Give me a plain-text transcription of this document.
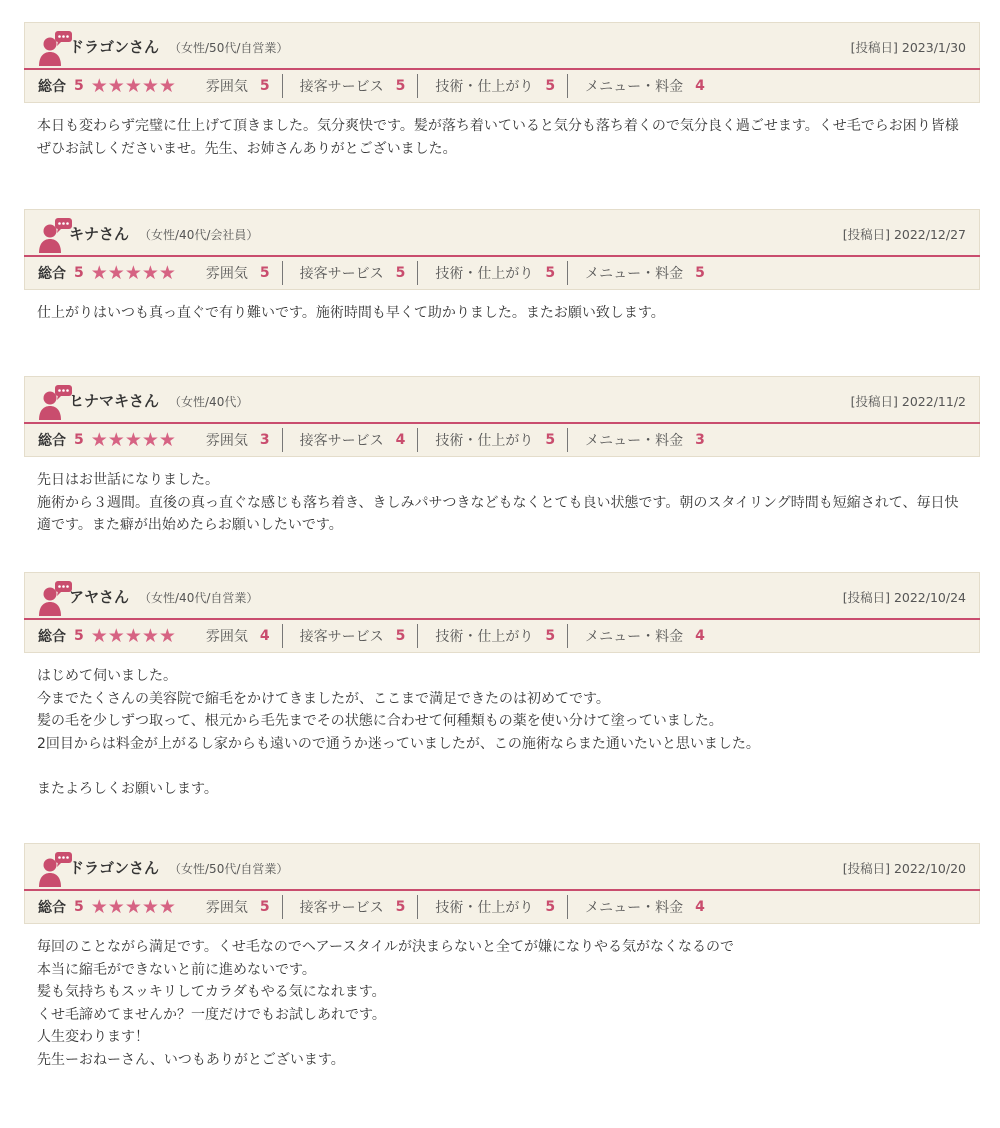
ドラゴンさん （女性/50代/自営業）	[投稿日] 2023/1/30
総合 5 ★★★★★ 雰囲気 5 接客サービス 5 技術・仕上がり 5 メニュー・料金 4
本日も変わらず完璧に仕上げて頂きました。気分爽快です。髪が落ち着いていると気分も落ち着くので気分良く過ごせます。くせ毛でらお困り皆様ぜひお試しくださいませ。先生、お姉さんありがとございました。
キナさん （女性/40代/会社員）	[投稿日] 2022/12/27
総合 5 ★★★★★ 雰囲気 5 接客サービス 5 技術・仕上がり 5 メニュー・料金 5
仕上がりはいつも真っ直ぐで有り難いです。施術時間も早くて助かりました。またお願い致します。
ヒナマキさん （女性/40代）	[投稿日] 2022/11/2
総合 5 ★★★★★ 雰囲気 3 接客サービス 4 技術・仕上がり 5 メニュー・料金 3
先日はお世話になりました。
施術から３週間。直後の真っ直ぐな感じも落ち着き、きしみパサつきなどもなくとても良い状態です。朝のスタイリング時間も短縮されて、毎日快適です。また癖が出始めたらお願いしたいです。
アヤさん （女性/40代/自営業）	[投稿日] 2022/10/24
総合 5 ★★★★★ 雰囲気 4 接客サービス 5 技術・仕上がり 5 メニュー・料金 4
はじめて伺いました。
今までたくさんの美容院で縮毛をかけてきましたが、ここまで満足できたのは初めてです。
髪の毛を少しずつ取って、根元から毛先までその状態に合わせて何種類もの薬を使い分けて塗っていました。
2回目からは料金が上がるし家からも遠いので通うか迷っていましたが、この施術ならまた通いたいと思いました。

またよろしくお願いします。
ドラゴンさん （女性/50代/自営業）	[投稿日] 2022/10/20
総合 5 ★★★★★ 雰囲気 5 接客サービス 5 技術・仕上がり 5 メニュー・料金 4
毎回のことながら満足です。くせ毛なのでヘアースタイルが決まらないと全てが嫌になりやる気がなくなるので
本当に縮毛ができないと前に進めないです。
髪も気持ちもスッキリしてカラダもやる気になれます。
くせ毛諦めてませんか？一度だけでもお試しあれです。
人生変わります！
先生ーおねーさん、いつもありがとございます。
